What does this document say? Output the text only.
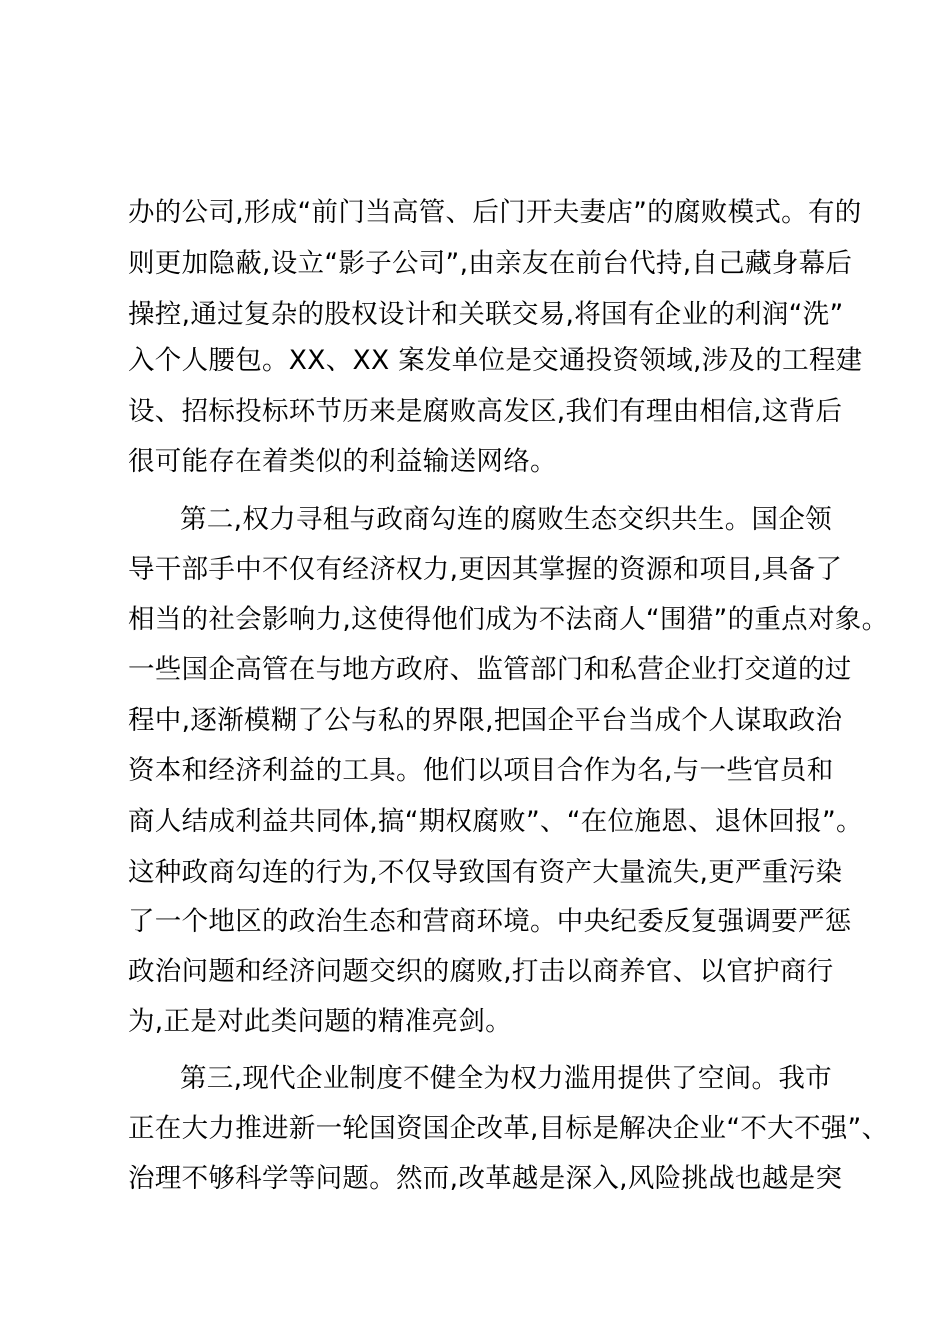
办的公司,形成“前门当高管、后门开夫妻店”的腐败模式。有的
则更加隐蔽,设立“影子公司”,由亲友在前台代持,自己藏身幕后
操控,通过复杂的股权设计和关联交易,将国有企业的利润“洗”
入个人腰包。XX、XX 案发单位是交通投资领域,涉及的工程建
设、招标投标环节历来是腐败高发区,我们有理由相信,这背后
很可能存在着类似的利益输送网络。
第二,权力寻租与政商勾连的腐败生态交织共生。国企领
导干部手中不仅有经济权力,更因其掌握的资源和项目,具备了
相当的社会影响力,这使得他们成为不法商人“围猎”的重点对象。
一些国企高管在与地方政府、监管部门和私营企业打交道的过
程中,逐渐模糊了公与私的界限,把国企平台当成个人谋取政治
资本和经济利益的工具。他们以项目合作为名,与一些官员和
商人结成利益共同体,搞“期权腐败”、“在位施恩、退休回报”。
这种政商勾连的行为,不仅导致国有资产大量流失,更严重污染
了一个地区的政治生态和营商环境。中央纪委反复强调要严惩
政治问题和经济问题交织的腐败,打击以商养官、以官护商行
为,正是对此类问题的精准亮剑。
第三,现代企业制度不健全为权力滥用提供了空间。我市
正在大力推进新一轮国资国企改革,目标是解决企业“不大不强”、
治理不够科学等问题。然而,改革越是深入,风险挑战也越是突
